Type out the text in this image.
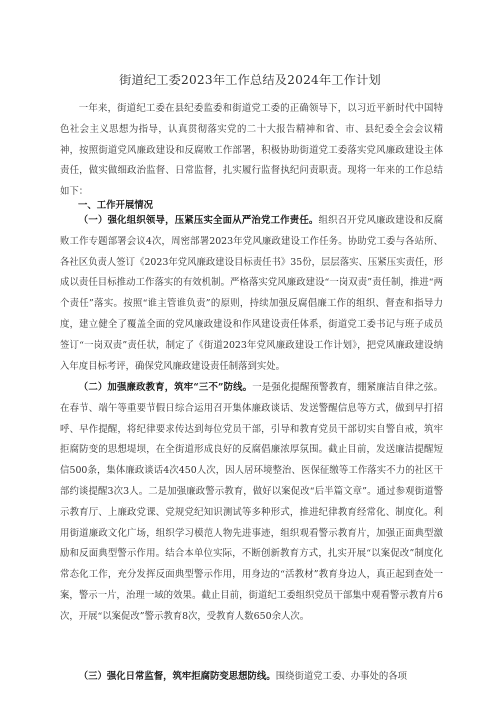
街道纪工委2023年工作总结及2024年工作计划

一年来，街道纪工委在县纪委监委和街道党工委的正确领导下，以习近平新时代中国特色社会主义思想为指导，认真贯彻落实党的二十大报告精神和省、市、县纪委全会会议精神，按照街道党风廉政建设和反腐败工作部署，积极协助街道党工委落实党风廉政建设主体责任，做实做细政治监督、日常监督，扎实履行监督执纪问责职责。现将一年来的工作总结如下：

一、工作开展情况

（一）强化组织领导，压紧压实全面从严治党工作责任。组织召开党风廉政建设和反腐败工作专题部署会议4次，周密部署2023年党风廉政建设工作任务。协助党工委与各站所、各社区负责人签订《2023年党风廉政建设目标责任书》35份，层层落实、压紧压实责任，形成以责任目标推动工作落实的有效机制。严格落实党风廉政建设“一岗双责”责任制，推进“两个责任”落实。按照“谁主管谁负责”的原则，持续加强反腐倡廉工作的组织、督查和指导力度，建立健全了覆盖全面的党风廉政建设和作风建设责任体系，街道党工委书记与班子成员签订“一岗双责”责任状，制定了《街道2023年党风廉政建设工作计划》，把党风廉政建设纳入年度目标考评，确保党风廉政建设责任制落到实处。

（二）加强廉政教育，筑牢“三不”防线。一是强化提醒预警教育，绷紧廉洁自律之弦。在春节、端午等重要节假日综合运用召开集体廉政谈话、发送警醒信息等方式，做到早打招呼、早作提醒，将纪律要求传达到每位党员干部，引导和教育党员干部切实自警自戒，筑牢拒腐防变的思想堤坝，在全街道形成良好的反腐倡廉浓厚氛围。截止目前，发送廉洁提醒短信500条，集体廉政谈话4次450人次，因人居环境整治、医保征缴等工作落实不力的社区干部约谈提醒3次3人。二是加强廉政警示教育，做好以案促改“后半篇文章”。通过参观街道警示教育厅、上廉政党课、党规党纪知识测试等多种形式，推进纪律教育经常化、制度化。利用街道廉政文化广场，组织学习模范人物先进事迹，组织观看警示教育片，加强正面典型激励和反面典型警示作用。结合本单位实际，不断创新教育方式，扎实开展“以案促改”制度化常态化工作，充分发挥反面典型警示作用，用身边的“活教材”教育身边人，真正起到查处一案，警示一片，治理一域的效果。截止目前，街道纪工委组织党员干部集中观看警示教育片6次，开展“以案促改”警示教育8次，受教育人数650余人次。

（三）强化日常监督，筑牢拒腐防变思想防线。围绕街道党工委、办事处的各项
